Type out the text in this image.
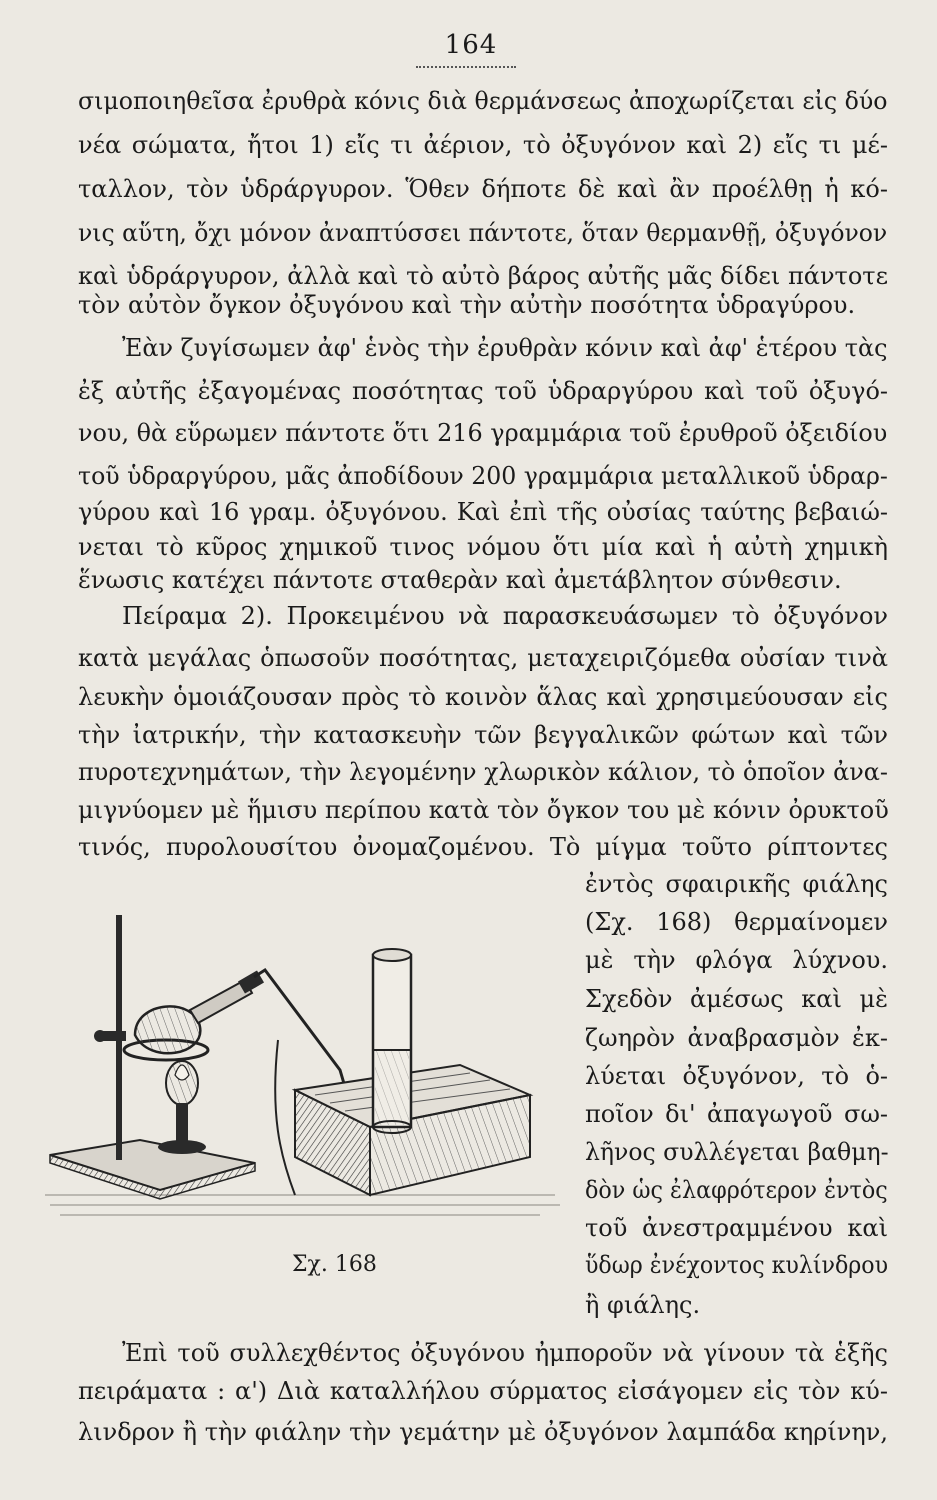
164
σιμοποιηθεῖσα ἐρυθρὰ κόνις διὰ θερμάνσεως ἀποχωρίζεται εἰς δύο
νέα σώματα, ἤτοι 1) εἴς τι ἀέριον, τὸ ὀξυγόνον καὶ 2) εἴς τι μέ-
ταλλον, τὸν ὑδράργυρον. Ὅθεν δήποτε δὲ καὶ ἂν προέλθῃ ἡ κό-
νις αὕτη, ὄχι μόνον ἀναπτύσσει πάντοτε, ὅταν θερμανθῇ, ὀξυγόνον
καὶ ὑδράργυρον, ἀλλὰ καὶ τὸ αὐτὸ βάρος αὐτῆς μᾶς δίδει πάντοτε
τὸν αὐτὸν ὄγκον ὀξυγόνου καὶ τὴν αὐτὴν ποσότητα ὑδραγύρου.
Ἐὰν ζυγίσωμεν ἀφ' ἑνὸς τὴν ἐρυθρὰν κόνιν καὶ ἀφ' ἑτέρου τὰς
ἐξ αὐτῆς ἐξαγομένας ποσότητας τοῦ ὑδραργύρου καὶ τοῦ ὀξυγό-
νου, θὰ εὕρωμεν πάντοτε ὅτι 216 γραμμάρια τοῦ ἐρυθροῦ ὀξειδίου
τοῦ ὑδραργύρου, μᾶς ἀποδίδουν 200 γραμμάρια μεταλλικοῦ ὑδραρ-
γύρου καὶ 16 γραμ. ὀξυγόνου. Καὶ ἐπὶ τῆς οὐσίας ταύτης βεβαιώ-
νεται τὸ κῦρος χημικοῦ τινος νόμου ὅτι μία καὶ ἡ αὐτὴ χημικὴ
ἕνωσις κατέχει πάντοτε σταθερὰν καὶ ἀμετάβλητον σύνθεσιν.
Πείραμα 2). Προκειμένου νὰ παρασκευάσωμεν τὸ ὀξυγόνον
κατὰ μεγάλας ὁπωσοῦν ποσότητας, μεταχειριζόμεθα οὐσίαν τινὰ
λευκὴν ὁμοιάζουσαν πρὸς τὸ κοινὸν ἅλας καὶ χρησιμεύουσαν εἰς
τὴν ἰατρικήν, τὴν κατασκευὴν τῶν βεγγαλικῶν φώτων καὶ τῶν
πυροτεχνημάτων, τὴν λεγομένην χλωρικὸν κάλιον, τὸ ὁποῖον ἀνα-
μιγνύομεν μὲ ἥμισυ περίπου κατὰ τὸν ὄγκον του μὲ κόνιν ὀρυκτοῦ
τινός, πυρολουσίτου ὀνομαζομένου. Τὸ μίγμα τοῦτο ρίπτοντες
ἐντὸς σφαιρικῆς φιάλης
(Σχ. 168) θερμαίνομεν
μὲ τὴν φλόγα λύχνου.
Σχεδὸν ἀμέσως καὶ μὲ
ζωηρὸν ἀναβρασμὸν ἐκ-
λύεται ὀξυγόνον, τὸ ὁ-
ποῖον δι' ἀπαγωγοῦ σω-
λῆνος συλλέγεται βαθμη-
δὸν ὡς ἐλαφρότερον ἐντὸς
τοῦ ἀνεστραμμένου καὶ
ὕδωρ ἐνέχοντος κυλίνδρου
ἢ φιάλης.
Σχ. 168
Ἐπὶ τοῦ συλλεχθέντος ὀξυγόνου ἠμποροῦν νὰ γίνουν τὰ ἑξῆς
πειράματα : α') Διὰ καταλλήλου σύρματος εἰσάγομεν εἰς τὸν κύ-
λινδρον ἢ τὴν φιάλην τὴν γεμάτην μὲ ὀξυγόνον λαμπάδα κηρίνην,
